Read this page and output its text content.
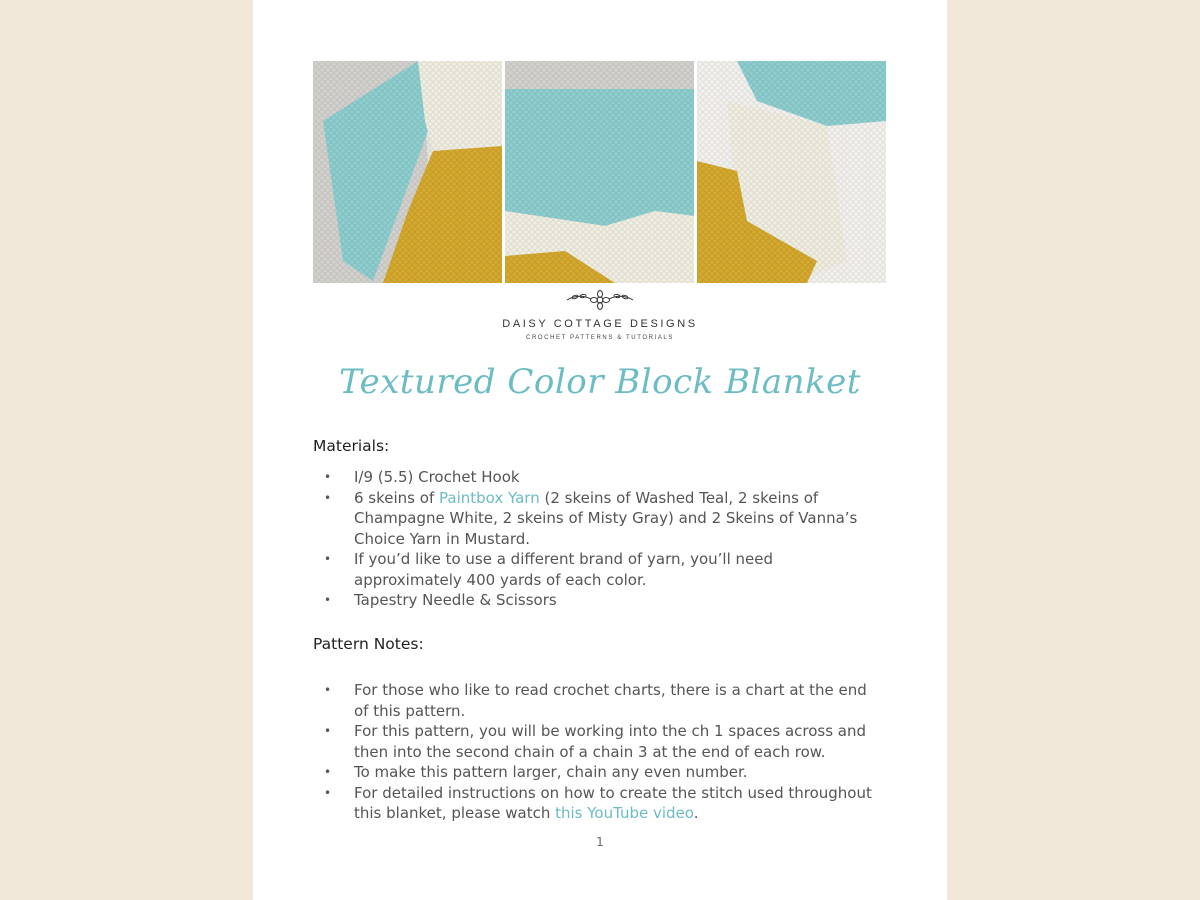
DAISY COTTAGE DESIGNS
CROCHET PATTERNS & TUTORIALS
Textured Color Block Blanket
Materials:
• I/9 (5.5) Crochet Hook
• 6 skeins of Paintbox Yarn (2 skeins of Washed Teal, 2 skeins of Champagne White, 2 skeins of Misty Gray) and 2 Skeins of Vanna’s Choice Yarn in Mustard.
• If you’d like to use a different brand of yarn, you’ll need approximately 400 yards of each color.
• Tapestry Needle & Scissors
Pattern Notes:
• For those who like to read crochet charts, there is a chart at the end of this pattern.
• For this pattern, you will be working into the ch 1 spaces across and then into the second chain of a chain 3 at the end of each row.
• To make this pattern larger, chain any even number.
• For detailed instructions on how to create the stitch used throughout this blanket, please watch this YouTube video.
1
